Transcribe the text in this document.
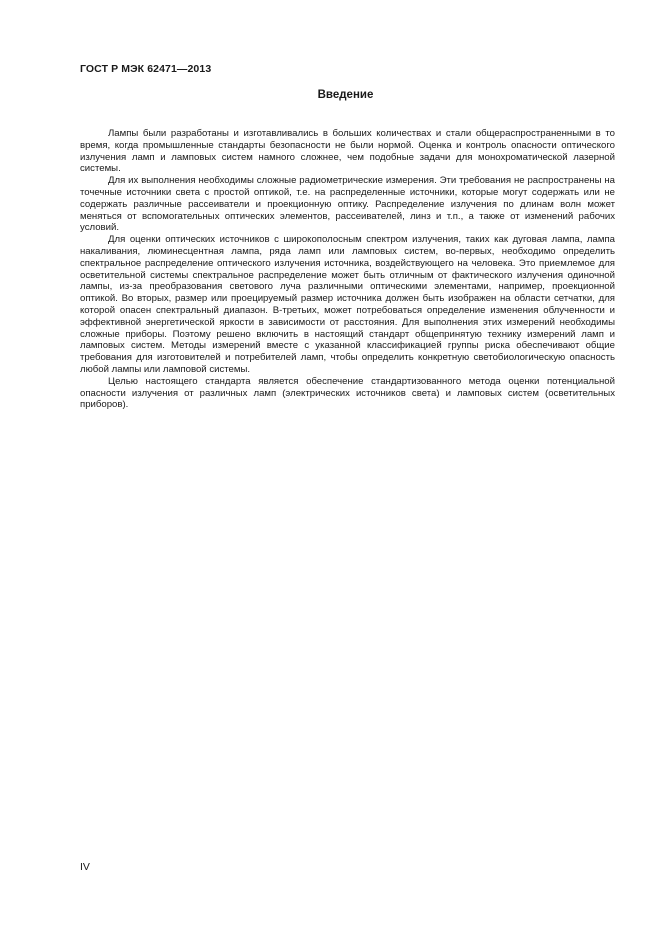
ГОСТ Р МЭК 62471—2013
Введение

Лампы были разработаны и изготавливались в больших количествах и стали общераспространенными в то время, когда промышленные стандарты безопасности не были нормой. Оценка и контроль опасности оптического излучения ламп и ламповых систем намного сложнее, чем подобные задачи для монохроматической лазерной системы.

Для их выполнения необходимы сложные радиометрические измерения. Эти требования не распространены на точечные источники света с простой оптикой, т.е. на распределенные источники, которые могут содержать или не содержать различные рассеиватели и проекционную оптику. Распределение излучения по длинам волн может меняться от вспомогательных оптических элементов, рассеивателей, линз и т.п., а также от изменений рабочих условий.

Для оценки оптических источников с широкополосным спектром излучения, таких как дуговая лампа, лампа накаливания, люминесцентная лампа, ряда ламп или ламповых систем, во-первых, необходимо определить спектральное распределение оптического излучения источника, воздействующего на человека. Это приемлемое для осветительной системы спектральное распределение может быть отличным от фактического излучения одиночной лампы, из-за преобразования светового луча различными оптическими элементами, например, проекционной оптикой. Во вторых, размер или проецируемый размер источника должен быть изображен на области сетчатки, для которой опасен спектральный диапазон. В-третьих, может потребоваться определение изменения облученности и эффективной энергетической яркости в зависимости от расстояния. Для выполнения этих измерений необходимы сложные приборы. Поэтому решено включить в настоящий стандарт общепринятую технику измерений ламп и ламповых систем. Методы измерений вместе с указанной классификацией группы риска обеспечивают общие требования для изготовителей и потребителей ламп, чтобы определить конкретную светобиологическую опасность любой лампы или ламповой системы.

Целью настоящего стандарта является обеспечение стандартизованного метода оценки потенциальной опасности излучения от различных ламп (электрических источников света) и ламповых систем (осветительных приборов).

IV
